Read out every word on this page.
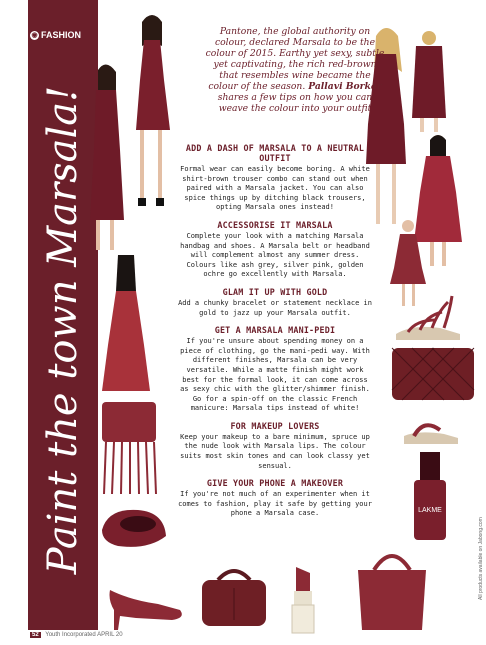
◉ FASHION
Paint the town Marsala!	LAKME
Pantone, the global authority on colour, declared Marsala to be the colour of 2015. Earthy yet sexy, subtle yet captivating, the rich red-brown that resembles wine became the colour of the season. Pallavi Borkar shares a few tips on how you can weave the colour into your outfit
ADD A DASH OF MARSALA TO A NEUTRAL OUTFIT
Formal wear can easily become boring. A white shirt-brown trouser combo can stand out when paired with a Marsala jacket. You can also spice things up by ditching black trousers, opting Marsala ones instead!
ACCESSORISE IT MARSALA
Complete your look with a matching Marsala handbag and shoes. A Marsala belt or headband will complement almost any summer dress. Colours like ash grey, silver pink, golden ochre go excellently with Marsala.
GLAM IT UP WITH GOLD
Add a chunky bracelet or statement necklace in gold to jazz up your Marsala outfit.
GET A MARSALA MANI-PEDI
If you're unsure about spending money on a piece of clothing, go the mani-pedi way. With different finishes, Marsala can be very versatile. While a matte finish might work best for the formal look, it can come across as sexy chic with the glitter/shimmer finish. Go for a spin-off on the classic French manicure: Marsala tips instead of white!
FOR MAKEUP LOVERS
Keep your makeup to a bare minimum, spruce up the nude look with Marsala lips. The colour suits most skin tones and can look classy yet sensual.
GIVE YOUR PHONE A MAKEOVER
If you're not much of an experimenter when it comes to fashion, play it safe by getting your phone a Marsala case.
All products available on Jabong.com
52 Youth Incorporated APRIL 20
